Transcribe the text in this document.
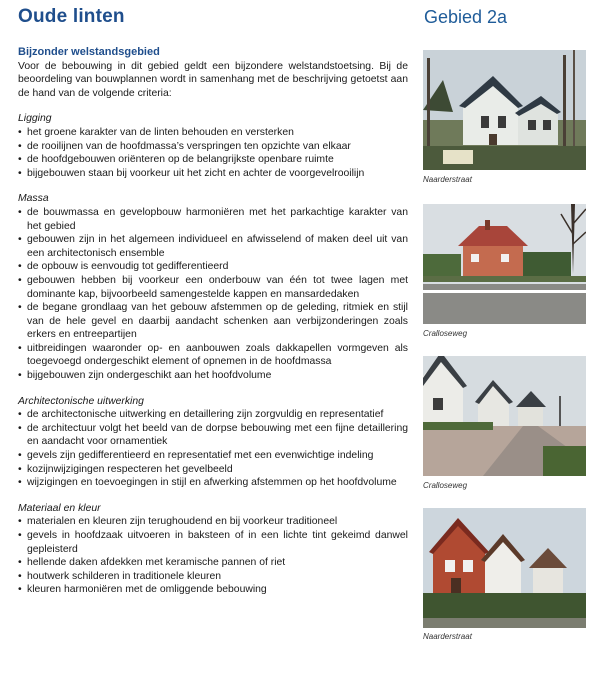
Oude linten	Gebied 2a
Bijzonder welstandsgebied
Voor de bebouwing in dit gebied geldt een bijzondere welstandstoetsing. Bij de beoordeling van bouwplannen wordt in samenhang met de beschrijving getoetst aan de hand van de volgende criteria:
Ligging
• het groene karakter van de linten behouden en versterken
• de rooilijnen van de hoofdmassa’s verspringen ten opzichte van elkaar
• de hoofdgebouwen oriënteren op de belangrijkste openbare ruimte
• bijgebouwen staan bij voorkeur uit het zicht en achter de voorgevelrooilijn
Massa
• de bouwmassa en gevelopbouw harmoniëren met het parkachtige karakter van het gebied
• gebouwen zijn in het algemeen individueel en afwisselend of maken deel uit van een architectonisch ensemble
• de opbouw is eenvoudig tot gedifferentieerd
• gebouwen hebben bij voorkeur een onderbouw van één tot twee lagen met dominante kap, bijvoorbeeld samengestelde kappen en mansardedaken
• de begane grondlaag van het gebouw afstemmen op de geleding, ritmiek en stijl van de hele gevel en daarbij aandacht schenken aan verbijzonderingen zoals erkers en entreepartijen
• uitbreidingen waaronder op- en aanbouwen zoals dakkapellen vormgeven als toegevoegd ondergeschikt element of opnemen in de hoofdmassa
• bijgebouwen zijn ondergeschikt aan het hoofdvolume
Architectonische uitwerking
• de architectonische uitwerking en detaillering zijn zorgvuldig en representatief
• de architectuur volgt het beeld van de dorpse bebouwing met een fijne detaillering en aandacht voor ornamentiek
• gevels zijn gedifferentieerd en representatief met een evenwichtige indeling
• kozijnwijzigingen respecteren het gevelbeeld
• wijzigingen en toevoegingen in stijl en afwerking afstemmen op het hoofdvolume
Materiaal en kleur
• materialen en kleuren zijn terughoudend en bij voorkeur traditioneel
• gevels in hoofdzaak uitvoeren in baksteen of in een lichte tint gekeimd danwel gepleisterd
• hellende daken afdekken met keramische pannen of riet
• houtwerk schilderen in traditionele kleuren
• kleuren harmoniëren met de omliggende bebouwing
Naarderstraat
Cralloseweg
Cralloseweg
Naarderstraat
